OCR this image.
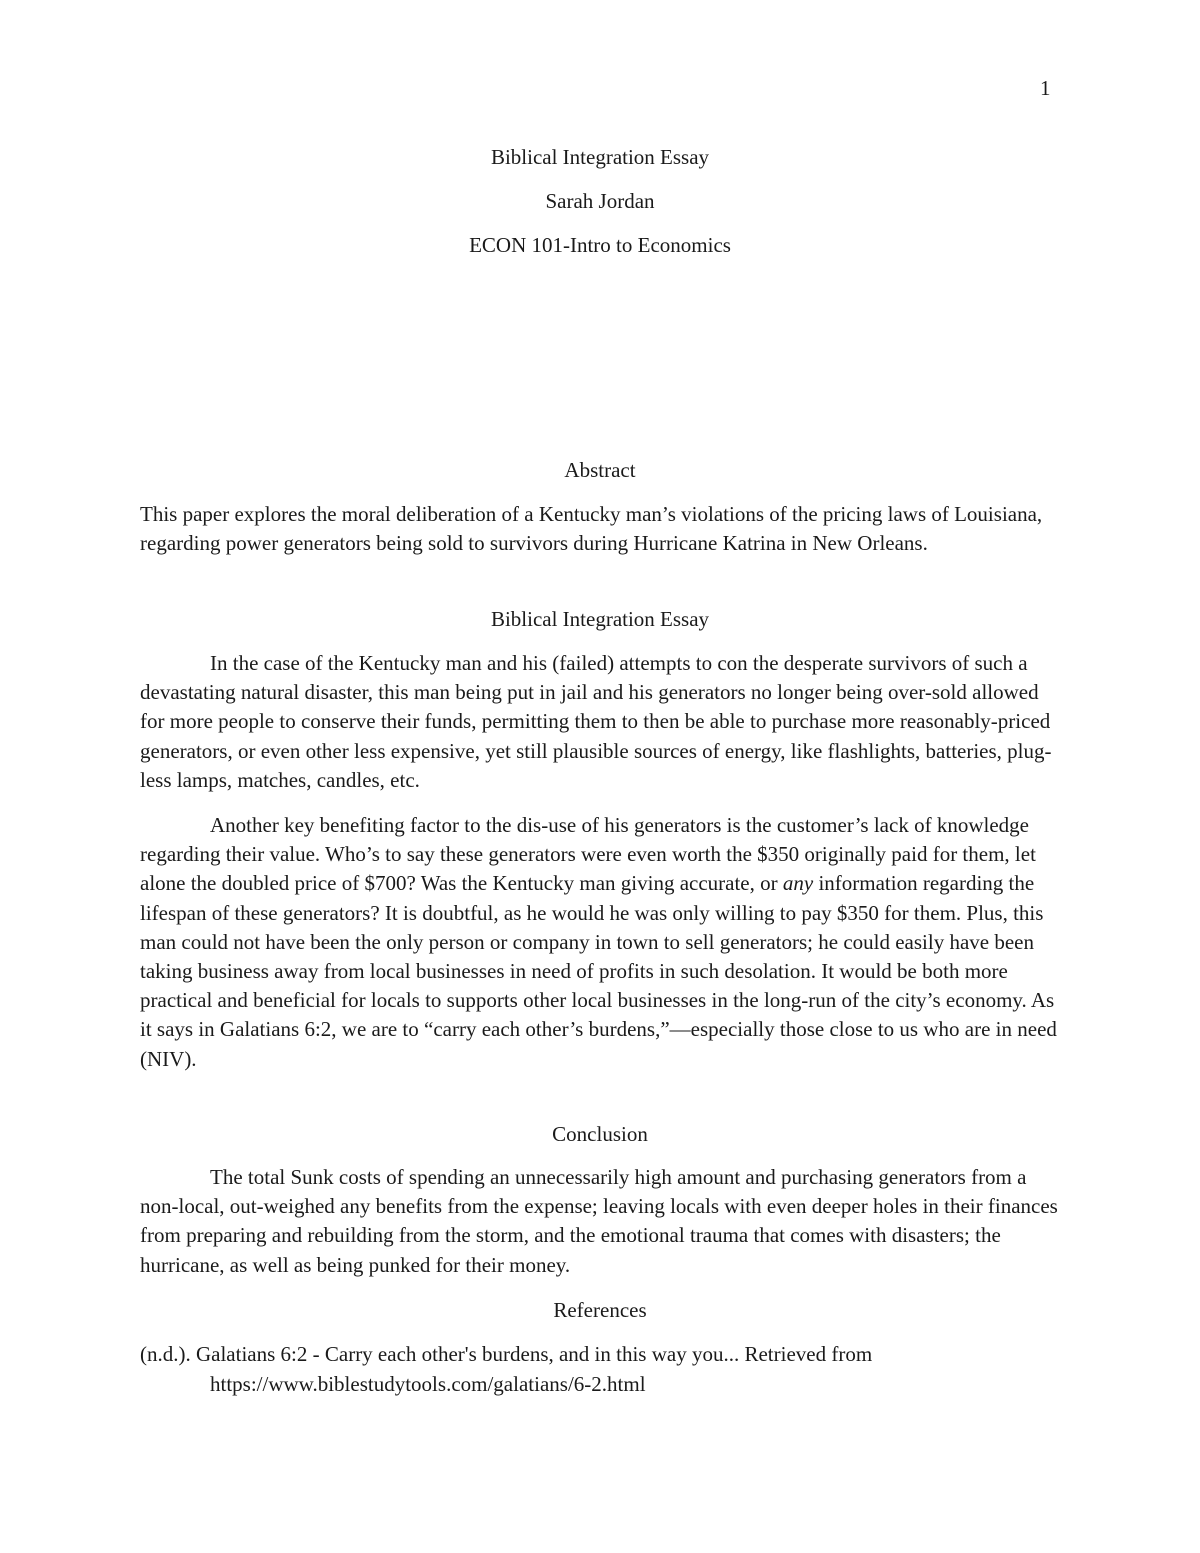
1
Biblical Integration Essay
Sarah Jordan
ECON 101-Intro to Economics
Abstract

This paper explores the moral deliberation of a Kentucky man’s violations of the pricing laws of Louisiana, regarding power generators being sold to survivors during Hurricane Katrina in New Orleans.

Biblical Integration Essay

In the case of the Kentucky man and his (failed) attempts to con the desperate survivors of such a devastating natural disaster, this man being put in jail and his generators no longer being over-sold allowed for more people to conserve their funds, permitting them to then be able to purchase more reasonably-priced generators, or even other less expensive, yet still plausible sources of energy, like flashlights, batteries, plug-less lamps, matches, candles, etc.

Another key benefiting factor to the dis-use of his generators is the customer’s lack of knowledge regarding their value. Who’s to say these generators were even worth the $350 originally paid for them, let alone the doubled price of $700? Was the Kentucky man giving accurate, or any information regarding the lifespan of these generators? It is doubtful, as he would he was only willing to pay $350 for them. Plus, this man could not have been the only person or company in town to sell generators; he could easily have been taking business away from local businesses in need of profits in such desolation. It would be both more practical and beneficial for locals to supports other local businesses in the long-run of the city’s economy. As it says in Galatians 6:2, we are to “carry each other’s burdens,”—especially those close to us who are in need (NIV).

Conclusion

The total Sunk costs of spending an unnecessarily high amount and purchasing generators from a non-local, out-weighed any benefits from the expense; leaving locals with even deeper holes in their finances from preparing and rebuilding from the storm, and the emotional trauma that comes with disasters; the hurricane, as well as being punked for their money.

References
(n.d.). Galatians 6:2 - Carry each other's burdens, and in this way you... Retrieved from https://www.biblestudytools.com/galatians/6-2.html
